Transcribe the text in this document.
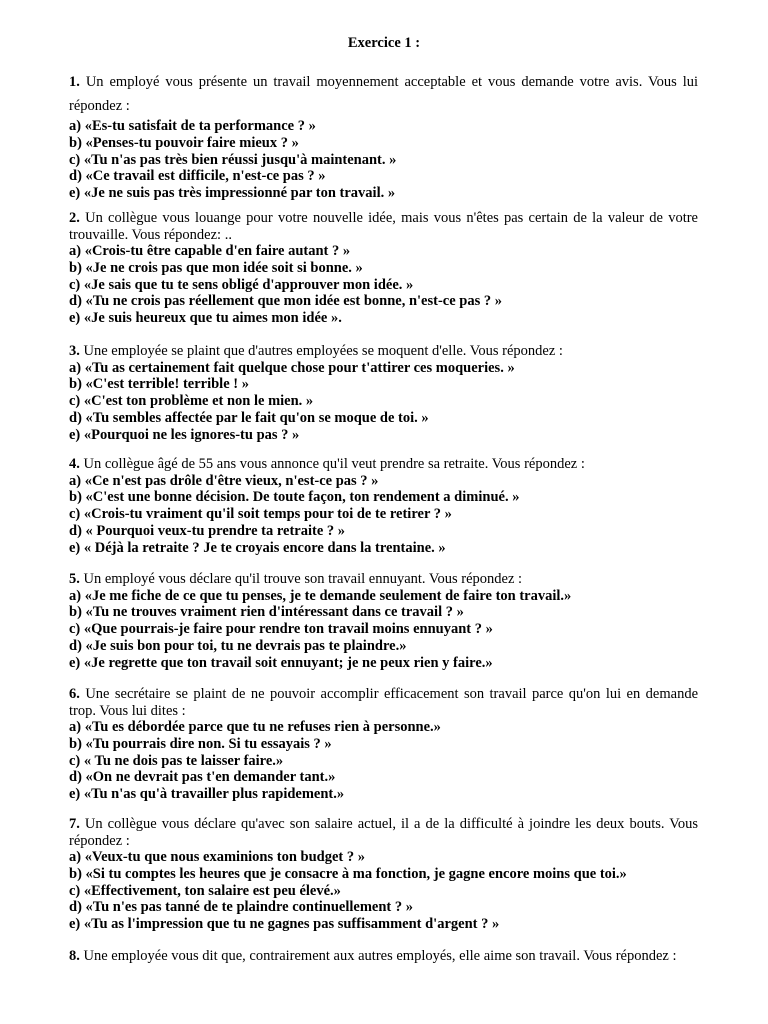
Exercice 1 :

1. Un employé vous présente un travail moyennement acceptable et vous demande votre avis. Vous lui répondez :

a) «Es-tu satisfait de ta performance ? »
b) «Penses-tu pouvoir faire mieux ? »
c) «Tu n'as pas très bien réussi jusqu'à maintenant. »
d) «Ce travail est difficile, n'est-ce pas ? »
e) «Je ne suis pas très impressionné par ton travail. »

2. Un collègue vous louange pour votre nouvelle idée, mais vous n'êtes pas certain de la valeur de votre trouvaille. Vous répondez: ..

a) «Crois-tu être capable d'en faire autant ? »
b) «Je ne crois pas que mon idée soit si bonne. »
c) «Je sais que tu te sens obligé d'approuver mon idée. »
d) «Tu ne crois pas réellement que mon idée est bonne, n'est-ce pas ? »
e) «Je suis heureux que tu aimes mon idée ».

3. Une employée se plaint que d'autres employées se moquent d'elle. Vous répondez :

a) «Tu as certainement fait quelque chose pour t'attirer ces moqueries. »
b) «C'est terrible! terrible ! »
c) «C'est ton problème et non le mien. »
d) «Tu sembles affectée par le fait qu'on se moque de toi. »
e) «Pourquoi ne les ignores-tu pas ? »

4. Un collègue âgé de 55 ans vous annonce qu'il veut prendre sa retraite. Vous répondez :

a) «Ce n'est pas drôle d'être vieux, n'est-ce pas ? »
b) «C'est une bonne décision. De toute façon, ton rendement a diminué. »
c) «Crois-tu vraiment qu'il soit temps pour toi de te retirer ? »
d) « Pourquoi veux-tu prendre ta retraite ? »
e) « Déjà la retraite ? Je te croyais encore dans la trentaine. »

5. Un employé vous déclare qu'il trouve son travail ennuyant. Vous répondez :

a) «Je me fiche de ce que tu penses, je te demande seulement de faire ton travail.»
b) «Tu ne trouves vraiment rien d'intéressant dans ce travail ? »
c) «Que pourrais-je faire pour rendre ton travail moins ennuyant ? »
d) «Je suis bon pour toi, tu ne devrais pas te plaindre.»
e) «Je regrette que ton travail soit ennuyant; je ne peux rien y faire.»

6. Une secrétaire se plaint de ne pouvoir accomplir efficacement son travail parce qu'on lui en demande trop. Vous lui dites :

a) «Tu es débordée parce que tu ne refuses rien à personne.»
b) «Tu pourrais dire non. Si tu essayais ? »
c) « Tu ne dois pas te laisser faire.»
d) «On ne devrait pas t'en demander tant.»
e) «Tu n'as qu'à travailler plus rapidement.»

7. Un collègue vous déclare qu'avec son salaire actuel, il a de la difficulté à joindre les deux bouts. Vous répondez :

a) «Veux-tu que nous examinions ton budget ? »
b) «Si tu comptes les heures que je consacre à ma fonction, je gagne encore moins que toi.»
c) «Effectivement, ton salaire est peu élevé.»
d) «Tu n'es pas tanné de te plaindre continuellement ? »
e) «Tu as l'impression que tu ne gagnes pas suffisamment d'argent ? »

8. Une employée vous dit que, contrairement aux autres employés, elle aime son travail. Vous répondez :
